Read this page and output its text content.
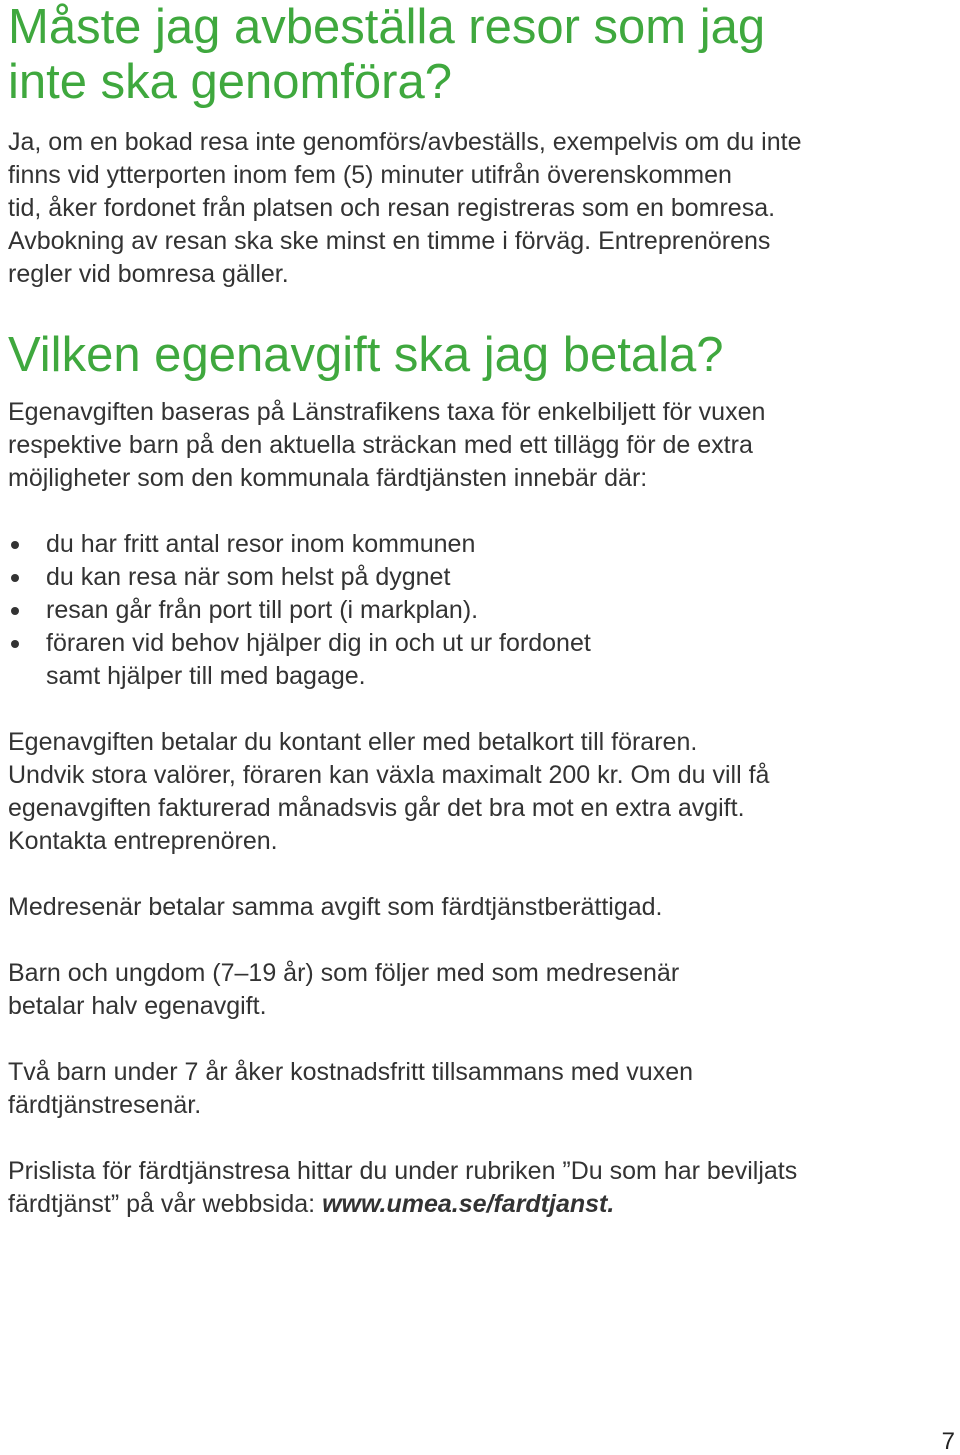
Måste jag avbeställa resor som jag
inte ska genomföra?

Ja, om en bokad resa inte genomförs/avbeställs, exempelvis om du inte
finns vid ytterporten inom fem (5) minuter utifrån överenskommen
tid, åker fordonet från platsen och resan registreras som en bomresa.
Avbokning av resan ska ske minst en timme i förväg. Entreprenörens
regler vid bomresa gäller.

Vilken egenavgift ska jag betala?

Egenavgiften baseras på Länstrafikens taxa för enkelbiljett för vuxen
respektive barn på den aktuella sträckan med ett tillägg för de extra
möjligheter som den kommunala färdtjänsten innebär där:

du har fritt antal resor inom kommunen
du kan resa när som helst på dygnet
resan går från port till port (i markplan).
föraren vid behov hjälper dig in och ut ur fordonet
samt hjälper till med bagage.

Egenavgiften betalar du kontant eller med betalkort till föraren.
Undvik stora valörer, föraren kan växla maximalt 200 kr. Om du vill få
egenavgiften fakturerad månadsvis går det bra mot en extra avgift.
Kontakta entreprenören.

Medresenär betalar samma avgift som färdtjänstberättigad.

Barn och ungdom (7–19 år) som följer med som medresenär
betalar halv egenavgift.

Två barn under 7 år åker kostnadsfritt tillsammans med vuxen
färdtjänstresenär.

Prislista för färdtjänstresa hittar du under rubriken ”Du som har beviljats
färdtjänst” på vår webbsida: www.umea.se/fardtjanst.

7
